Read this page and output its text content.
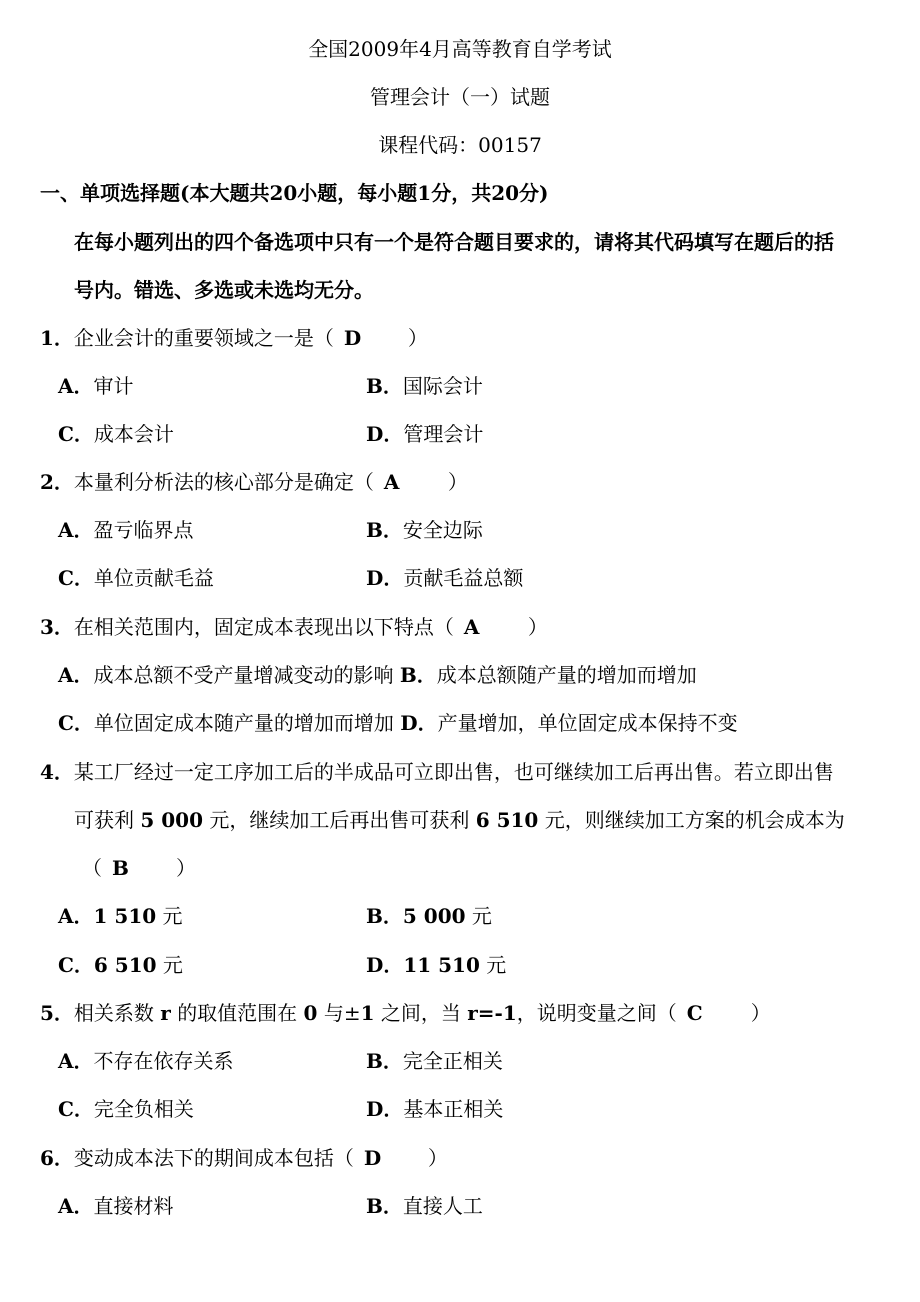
全国2009年4月高等教育自学考试
管理会计（一）试题
课程代码：00157
一、单项选择题(本大题共20小题，每小题1分，共20分)
在每小题列出的四个备选项中只有一个是符合题目要求的，请将其代码填写在题后的括
号内。错选、多选或未选均无分。
1．企业会计的重要领域之一是（ D ）
A．审计	B．国际会计
C．成本会计	D．管理会计
2．本量利分析法的核心部分是确定（ A ）
A．盈亏临界点	B．安全边际
C．单位贡献毛益	D．贡献毛益总额
3．在相关范围内，固定成本表现出以下特点（ A ）
A．成本总额不受产量增减变动的影响 B．成本总额随产量的增加而增加
C．单位固定成本随产量的增加而增加 D．产量增加，单位固定成本保持不变
4．某工厂经过一定工序加工后的半成品可立即出售，也可继续加工后再出售。若立即出售
可获利 5 000 元，继续加工后再出售可获利 6 510 元，则继续加工方案的机会成本为
（ B ）
A．1 510 元	B．5 000 元
C．6 510 元	D．11 510 元
5．相关系数 r 的取值范围在 0 与±1 之间，当 r=-1，说明变量之间（ C ）
A．不存在依存关系	B．完全正相关
C．完全负相关	D．基本正相关
6．变动成本法下的期间成本包括（ D ）
A．直接材料	B．直接人工
